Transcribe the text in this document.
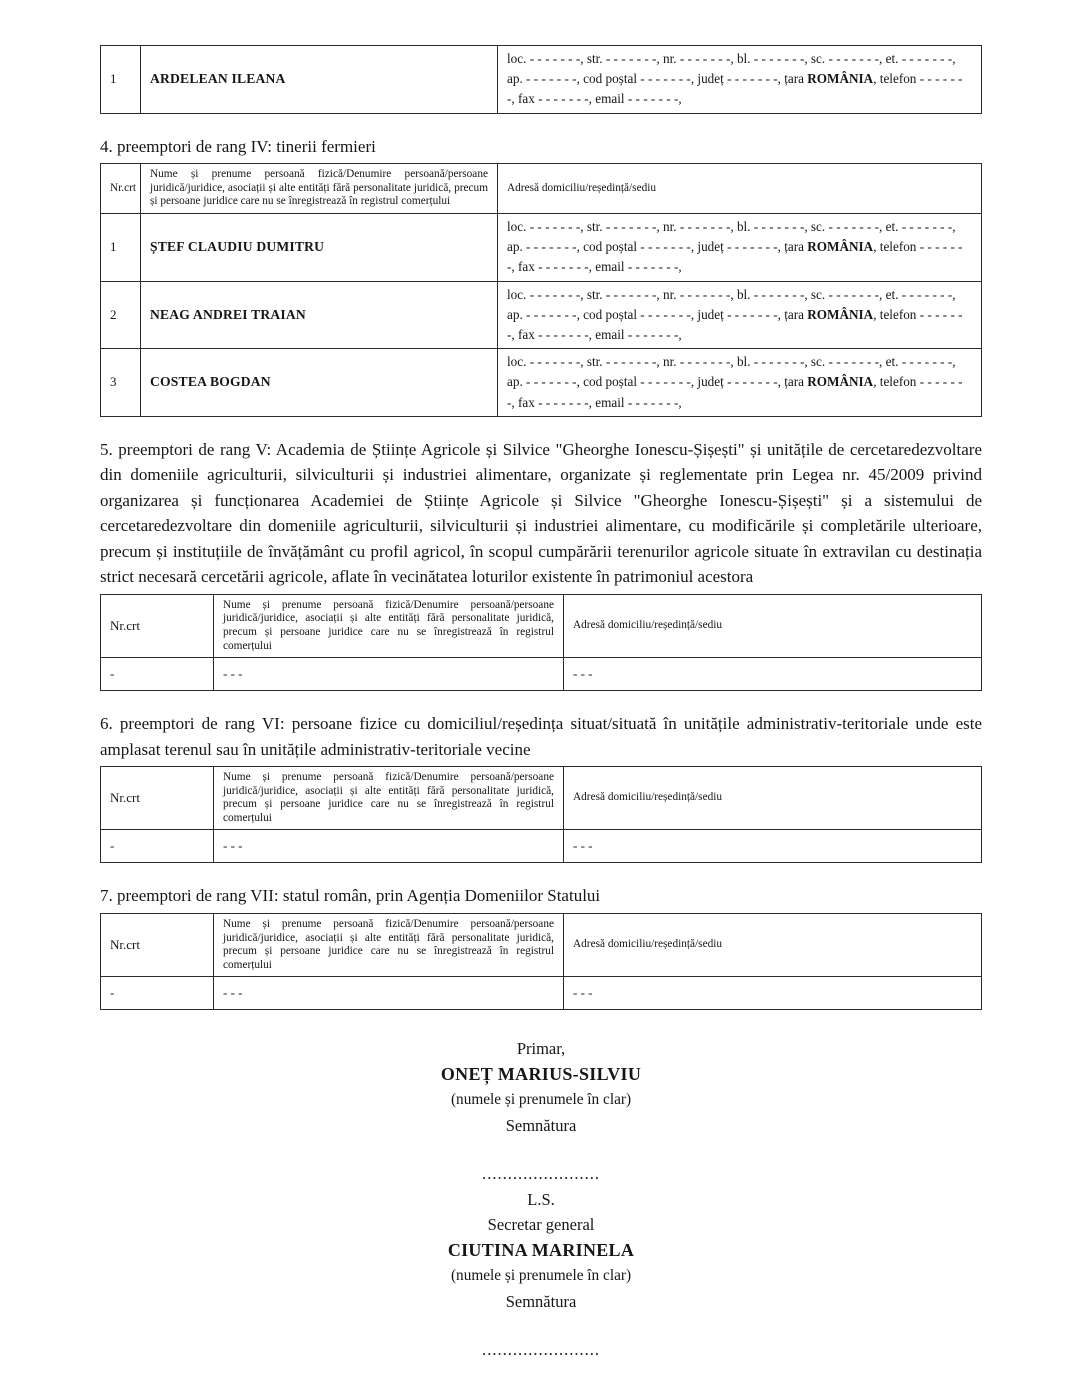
1	ARDELEAN ILEANA	loc. - - - - - - -, str. - - - - - - -, nr. - - - - - - -, bl. - - - - - - -, sc. - - - - - - -, et. - - - - - - -, ap. - - - - - - -, cod poștal - - - - - - -, județ - - - - - - -, țara ROMÂNIA, telefon - - - - - - -, fax - - - - - - -, email - - - - - - -,
4. preemptori de rang IV: tinerii fermieri
Nr.crt	Nume și prenume persoană fizică/Denumire persoană/persoane juridică/juridice, asociații și alte entități fără personalitate juridică, precum și persoane juridice care nu se înregistrează în registrul comerțului	Adresă domiciliu/reședință/sediu
1	ȘTEF CLAUDIU DUMITRU	loc. - - - - - - -, str. - - - - - - -, nr. - - - - - - -, bl. - - - - - - -, sc. - - - - - - -, et. - - - - - - -, ap. - - - - - - -, cod poștal - - - - - - -, județ - - - - - - -, țara ROMÂNIA, telefon - - - - - - -, fax - - - - - - -, email - - - - - - -,
2	NEAG ANDREI TRAIAN	loc. - - - - - - -, str. - - - - - - -, nr. - - - - - - -, bl. - - - - - - -, sc. - - - - - - -, et. - - - - - - -, ap. - - - - - - -, cod poștal - - - - - - -, județ - - - - - - -, țara ROMÂNIA, telefon - - - - - - -, fax - - - - - - -, email - - - - - - -,
3	COSTEA BOGDAN	loc. - - - - - - -, str. - - - - - - -, nr. - - - - - - -, bl. - - - - - - -, sc. - - - - - - -, et. - - - - - - -, ap. - - - - - - -, cod poștal - - - - - - -, județ - - - - - - -, țara ROMÂNIA, telefon - - - - - - -, fax - - - - - - -, email - - - - - - -,
5. preemptori de rang V: Academia de Științe Agricole și Silvice "Gheorghe Ionescu-Șișești" și unitățile de cercetaredezvoltare din domeniile agriculturii, silviculturii și industriei alimentare, organizate și reglementate prin Legea nr. 45/2009 privind organizarea și funcționarea Academiei de Științe Agricole și Silvice "Gheorghe Ionescu-Șișești" și a sistemului de cercetaredezvoltare din domeniile agriculturii, silviculturii și industriei alimentare, cu modificările și completările ulterioare, precum și instituțiile de învățământ cu profil agricol, în scopul cumpărării terenurilor agricole situate în extravilan cu destinația strict necesară cercetării agricole, aflate în vecinătatea loturilor existente în patrimoniul acestora
Nr.crt	Nume și prenume persoană fizică/Denumire persoană/persoane juridică/juridice, asociații și alte entități fără personalitate juridică, precum și persoane juridice care nu se înregistrează în registrul comerțului	Adresă domiciliu/reședință/sediu
-	- - -	- - -
6. preemptori de rang VI: persoane fizice cu domiciliul/reședința situat/situată în unitățile administrativ-teritoriale unde este amplasat terenul sau în unitățile administrativ-teritoriale vecine
Nr.crt	Nume și prenume persoană fizică/Denumire persoană/persoane juridică/juridice, asociații și alte entități fără personalitate juridică, precum și persoane juridice care nu se înregistrează în registrul comerțului	Adresă domiciliu/reședință/sediu
-	- - -	- - -
7. preemptori de rang VII: statul român, prin Agenția Domeniilor Statului
Nr.crt	Nume și prenume persoană fizică/Denumire persoană/persoane juridică/juridice, asociații și alte entități fără personalitate juridică, precum și persoane juridice care nu se înregistrează în registrul comerțului	Adresă domiciliu/reședință/sediu
-	- - -	- - -
Primar,
ONEȚ MARIUS-SILVIU
(numele și prenumele în clar)
Semnătura
.......................
L.S.
Secretar general
CIUTINA MARINELA
(numele și prenumele în clar)
Semnătura
.......................
